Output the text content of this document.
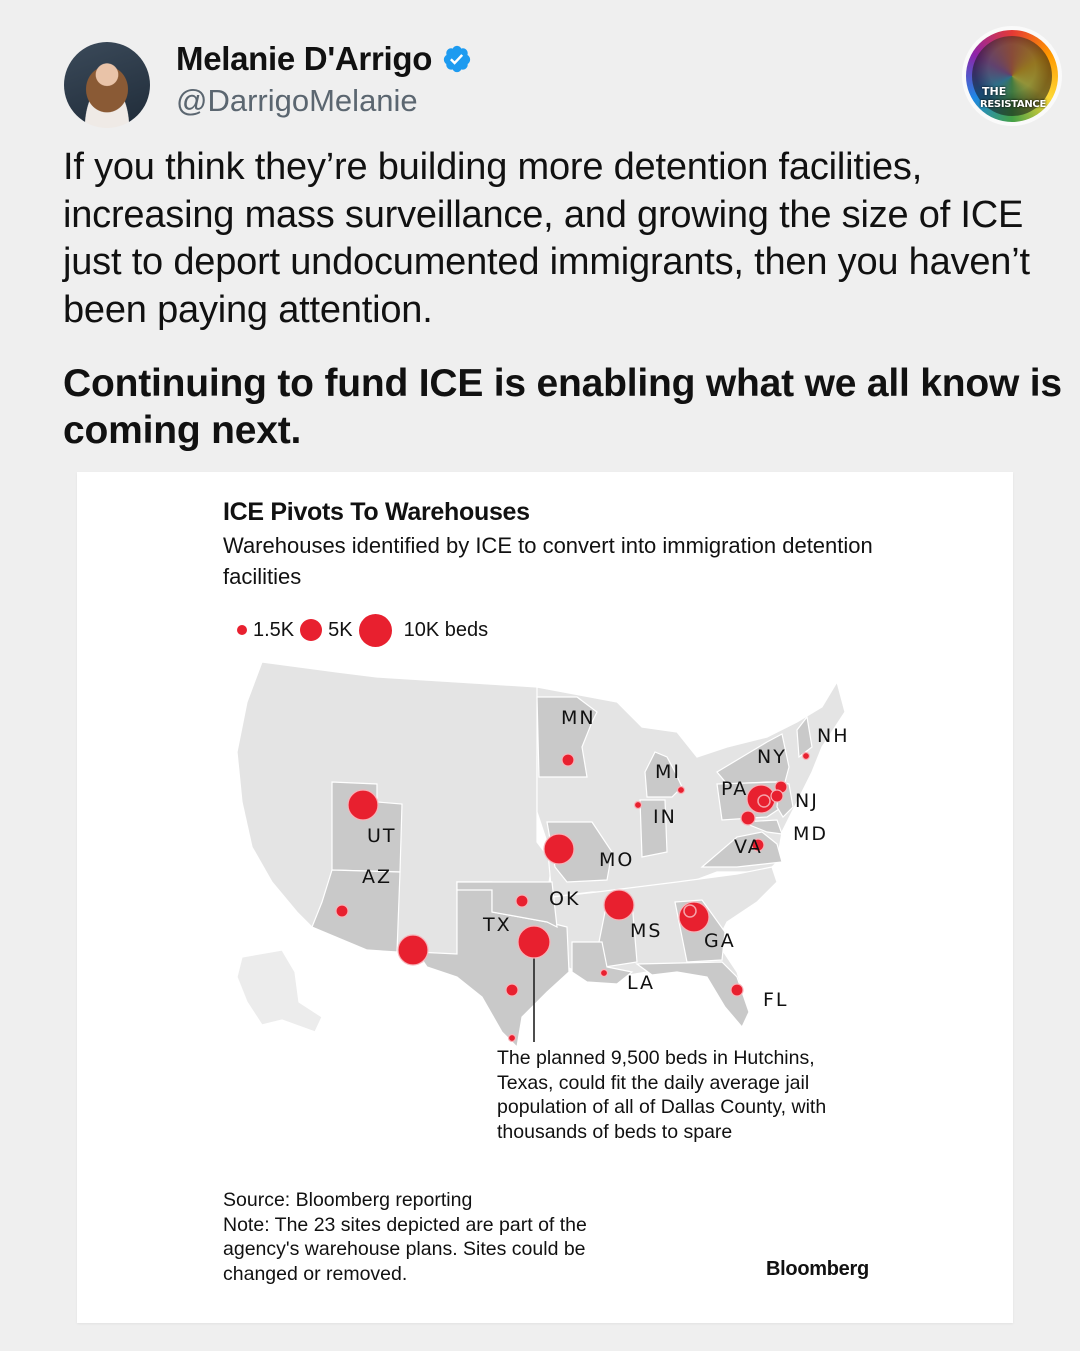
Melanie D'Arrigo
@DarrigoMelanie	THE
RESISTANCE
If you think they’re building more detention facilities, increasing mass surveillance, and growing the size of ICE just to deport undocumented immigrants, then you haven’t been paying attention.
Continuing to fund ICE is enabling what we all know is coming next.
ICE Pivots To Warehouses
Warehouses identified by ICE to convert into immigration detention facilities
1.5K 5K	10K beds
MN
NH
NY
MI
PA
NJ
IN
UT	MD
VA
MO
AZ
OK
TX	MS GA
LA
FL
The planned 9,500 beds in Hutchins, Texas, could fit the daily average jail population of all of Dallas County, with thousands of beds to spare
Source: Bloomberg reporting
Note: The 23 sites depicted are part of the agency's warehouse plans. Sites could be changed or removed.	Bloomberg
